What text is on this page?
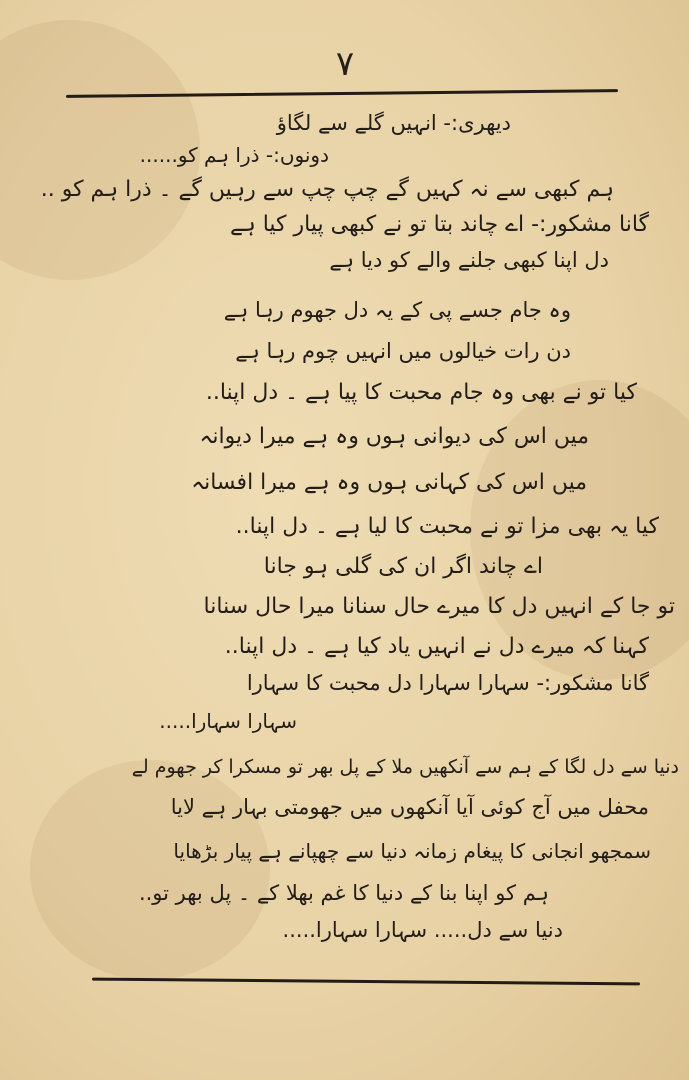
٧
دیهری:- انہیں گلے سے لگاؤ
دونوں:- ذرا ہم کو......
ہم کبھی سے نہ کہیں گے چپ چپ سے رہیں گے ۔ ذرا ہم کو ..
گانا مشکور:- اے چاند بتا تو نے کبھی پیار کیا ہے
دل اپنا کبھی جلنے والے کو دیا ہے
وہ جام جسے پی کے یہ دل جھوم رہا ہے
دن رات خیالوں میں انہیں چوم رہا ہے
کیا تو نے بھی وہ جام محبت کا پیا ہے ۔ دل اپنا..
میں اس کی دیوانی ہوں وہ ہے میرا دیوانہ
میں اس کی کہانی ہوں وہ ہے میرا افسانہ
کیا یہ بھی مزا تو نے محبت کا لیا ہے ۔ دل اپنا..
اے چاند اگر ان کی گلی ہو جانا
تو جا کے انہیں دل کا میرے حال سنانا میرا حال سنانا
کہنا کہ میرے دل نے انہیں یاد کیا ہے ۔ دل اپنا..
گانا مشکور:- سہارا سہارا دل محبت کا سہارا
سہارا سہارا.....
دنیا سے دل لگا کے ہم سے آنکھیں ملا کے پل بھر تو مسکرا کر جھوم لے
محفل میں آج کوئی آیا آنکھوں میں جھومتی بہار ہے لایا
سمجھو انجانی کا پیغام زمانہ دنیا سے چھپانے ہے پیار بڑھایا
ہم کو اپنا بنا کے دنیا کا غم بھلا کے ۔ پل بھر تو..
دنیا سے دل..... سہارا سہارا.....
